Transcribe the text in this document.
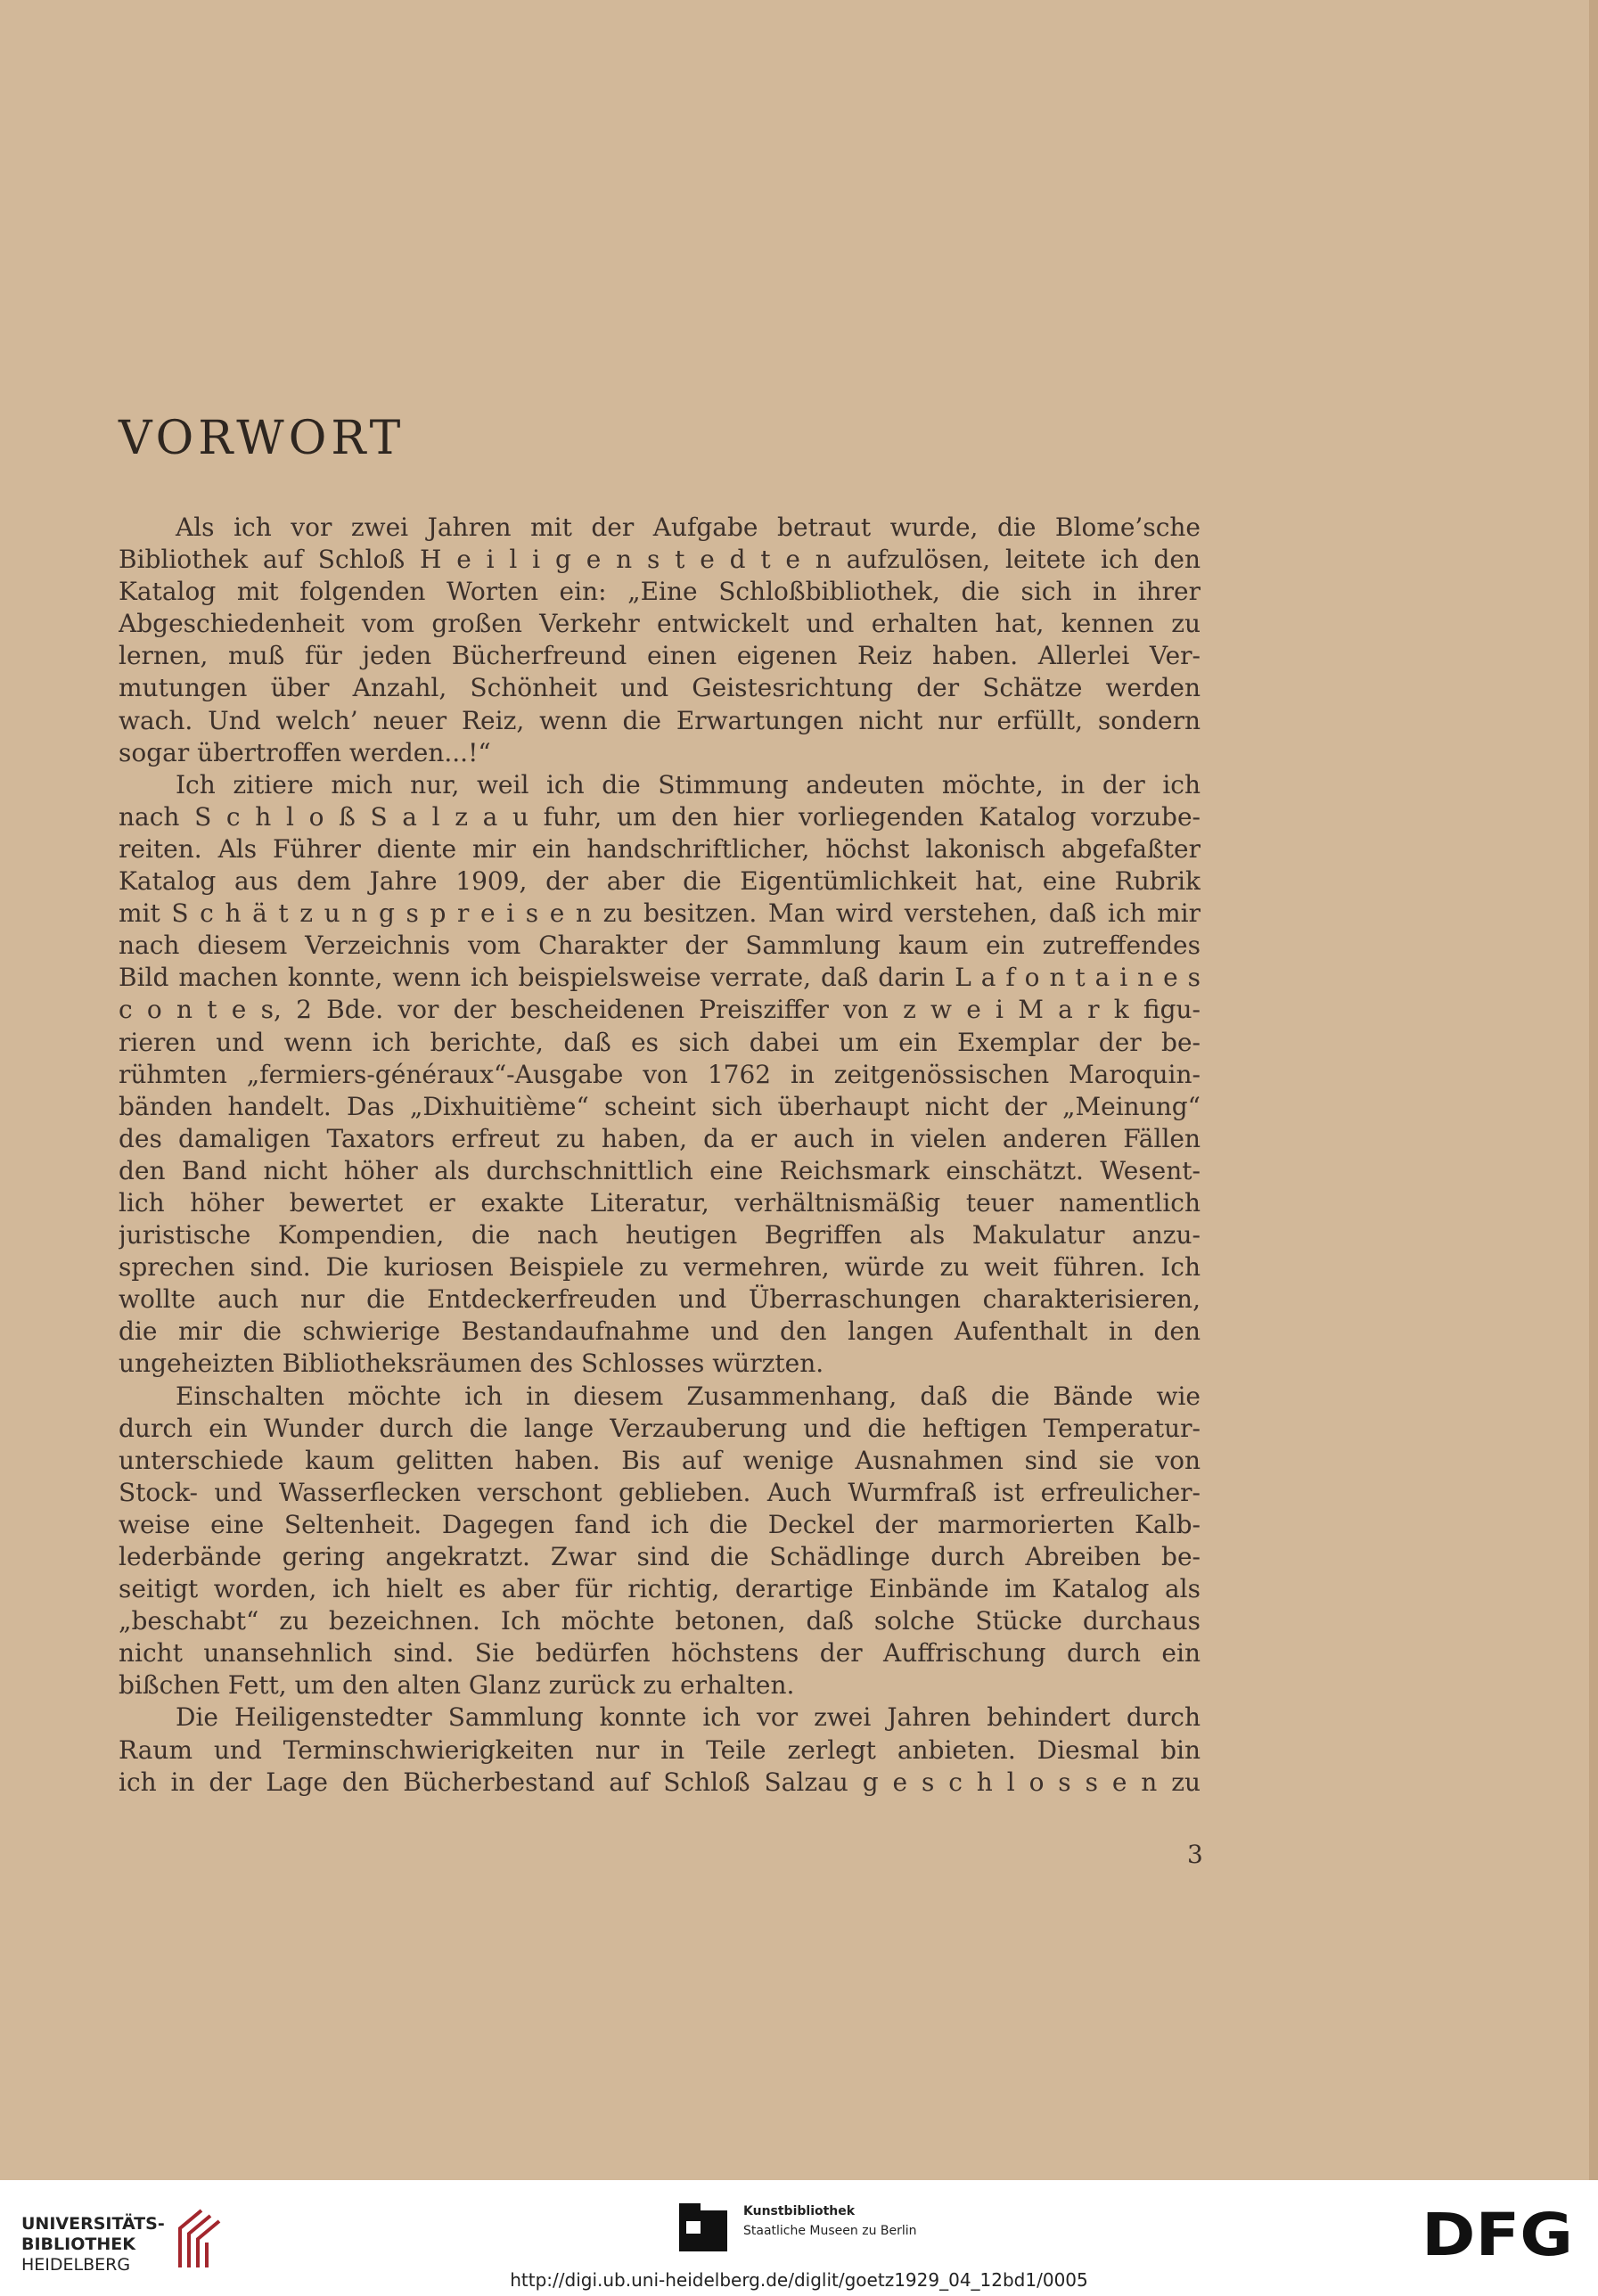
VORWORT
Als ich vor zwei Jahren mit der Aufgabe betraut wurde, die Blome’sche
Bibliothek auf Schloß H e i l i g e n s t e d t e n aufzulösen, leitete ich den
Katalog mit folgenden Worten ein: „Eine Schloßbibliothek, die sich in ihrer
Abgeschiedenheit vom großen Verkehr entwickelt und erhalten hat, kennen zu
lernen, muß für jeden Bücherfreund einen eigenen Reiz haben. Allerlei Ver-
mutungen über Anzahl, Schönheit und Geistesrichtung der Schätze werden
wach. Und welch’ neuer Reiz, wenn die Erwartungen nicht nur erfüllt, sondern
sogar übertroffen werden...!“
Ich zitiere mich nur, weil ich die Stimmung andeuten möchte, in der ich
nach S c h l o ß S a l z a u fuhr, um den hier vorliegenden Katalog vorzube-
reiten. Als Führer diente mir ein handschriftlicher, höchst lakonisch abgefaßter
Katalog aus dem Jahre 1909, der aber die Eigentümlichkeit hat, eine Rubrik
mit S c h ä t z u n g s p r e i s e n zu besitzen. Man wird verstehen, daß ich mir
nach diesem Verzeichnis vom Charakter der Sammlung kaum ein zutreffendes
Bild machen konnte, wenn ich beispielsweise verrate, daß darin L a f o n t a i n e s
c o n t e s, 2 Bde. vor der bescheidenen Preisziffer von z w e i M a r k figu-
rieren und wenn ich berichte, daß es sich dabei um ein Exemplar der be-
rühmten „fermiers-généraux“-Ausgabe von 1762 in zeitgenössischen Maroquin-
bänden handelt. Das „Dixhuitième“ scheint sich überhaupt nicht der „Meinung“
des damaligen Taxators erfreut zu haben, da er auch in vielen anderen Fällen
den Band nicht höher als durchschnittlich eine Reichsmark einschätzt. Wesent-
lich höher bewertet er exakte Literatur, verhältnismäßig teuer namentlich
juristische Kompendien, die nach heutigen Begriffen als Makulatur anzu-
sprechen sind. Die kuriosen Beispiele zu vermehren, würde zu weit führen. Ich
wollte auch nur die Entdeckerfreuden und Überraschungen charakterisieren,
die mir die schwierige Bestandaufnahme und den langen Aufenthalt in den
ungeheizten Bibliotheksräumen des Schlosses würzten.
Einschalten möchte ich in diesem Zusammenhang, daß die Bände wie
durch ein Wunder durch die lange Verzauberung und die heftigen Temperatur-
unterschiede kaum gelitten haben. Bis auf wenige Ausnahmen sind sie von
Stock- und Wasserflecken verschont geblieben. Auch Wurmfraß ist erfreulicher-
weise eine Seltenheit. Dagegen fand ich die Deckel der marmorierten Kalb-
lederbände gering angekratzt. Zwar sind die Schädlinge durch Abreiben be-
seitigt worden, ich hielt es aber für richtig, derartige Einbände im Katalog als
„beschabt“ zu bezeichnen. Ich möchte betonen, daß solche Stücke durchaus
nicht unansehnlich sind. Sie bedürfen höchstens der Auffrischung durch ein
bißchen Fett, um den alten Glanz zurück zu erhalten.
Die Heiligenstedter Sammlung konnte ich vor zwei Jahren behindert durch
Raum und Terminschwierigkeiten nur in Teile zerlegt anbieten. Diesmal bin
ich in der Lage den Bücherbestand auf Schloß Salzau g e s c h l o s s e n zu
3
UNIVERSITÄTS-
BIBLIOTHEK
HEIDELBERG
Kunstbibliothek
Staatliche Museen zu Berlin	DFG
http://digi.ub.uni-heidelberg.de/diglit/goetz1929_04_12bd1/0005
